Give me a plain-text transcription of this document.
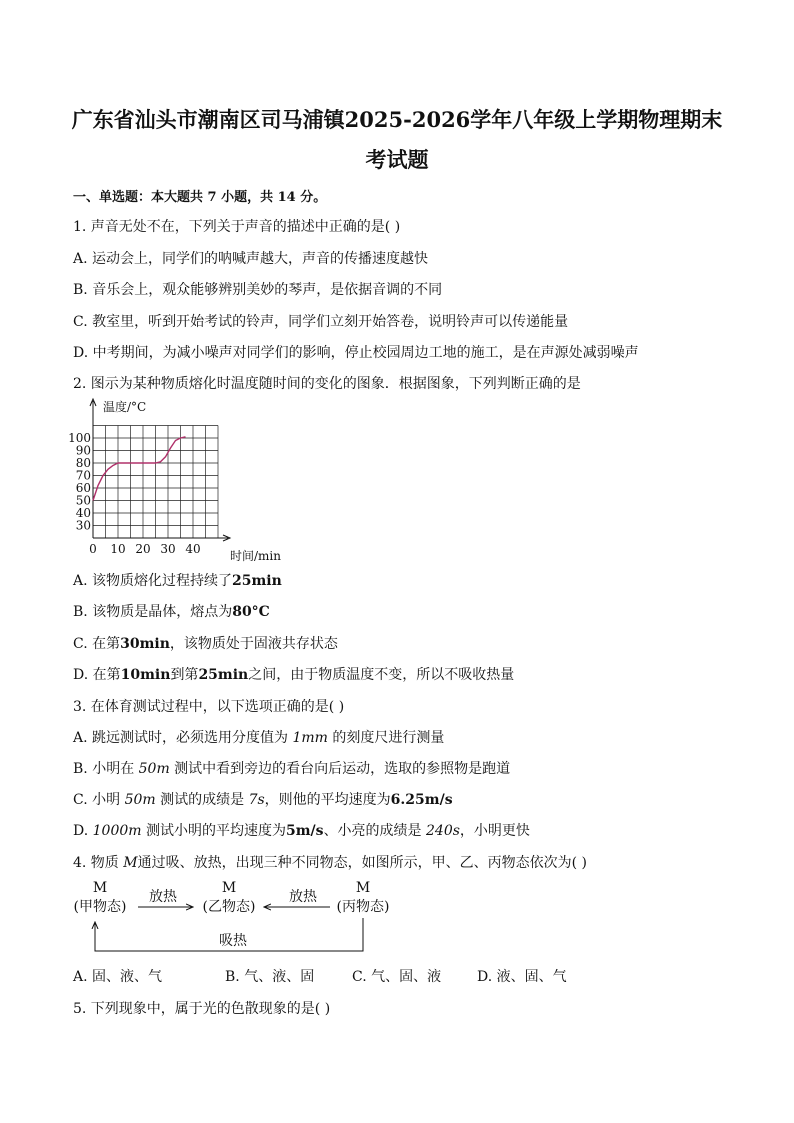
广东省汕头市潮南区司马浦镇2025-2026学年八年级上学期物理期末
考试题
一、单选题：本大题共 7 小题，共 14 分。
1. 声音无处不在，下列关于声音的描述中正确的是( )
A. 运动会上，同学们的呐喊声越大，声音的传播速度越快
B. 音乐会上，观众能够辨别美妙的琴声，是依据音调的不同
C. 教室里，听到开始考试的铃声，同学们立刻开始答卷，说明铃声可以传递能量
D. 中考期间，为减小噪声对同学们的影响，停止校园周边工地的施工，是在声源处减弱噪声
2. 图示为某种物质熔化时温度随时间的变化的图象．根据图象，下列判断正确的是
温度/°C
时间/min
30
40
50
60
70
80
90
100
0 10 20 30 40
A. 该物质熔化过程持续了25min
B. 该物质是晶体，熔点为80°C
C. 在第30min，该物质处于固液共存状态
D. 在第10min到第25min之间，由于物质温度不变，所以不吸收热量
3. 在体育测试过程中，以下选项正确的是( )
A. 跳远测试时，必须选用分度值为 1mm 的刻度尺进行测量
B. 小明在 50m 测试中看到旁边的看台向后运动，选取的参照物是跑道
C. 小明 50m 测试的成绩是 7s，则他的平均速度为6.25m/s
D. 1000m 测试小明的平均速度为5m/s、小亮的成绩是 240s，小明更快
4. 物质 M通过吸、放热，出现三种不同物态，如图所示，甲、乙、丙物态依次为( )
M
(甲物态)
M
(乙物态)
M
(丙物态)
放热	放热
吸热
A. 固、液、气	B. 气、液、固	C. 气、固、液	D. 液、固、气
5. 下列现象中，属于光的色散现象的是( )
